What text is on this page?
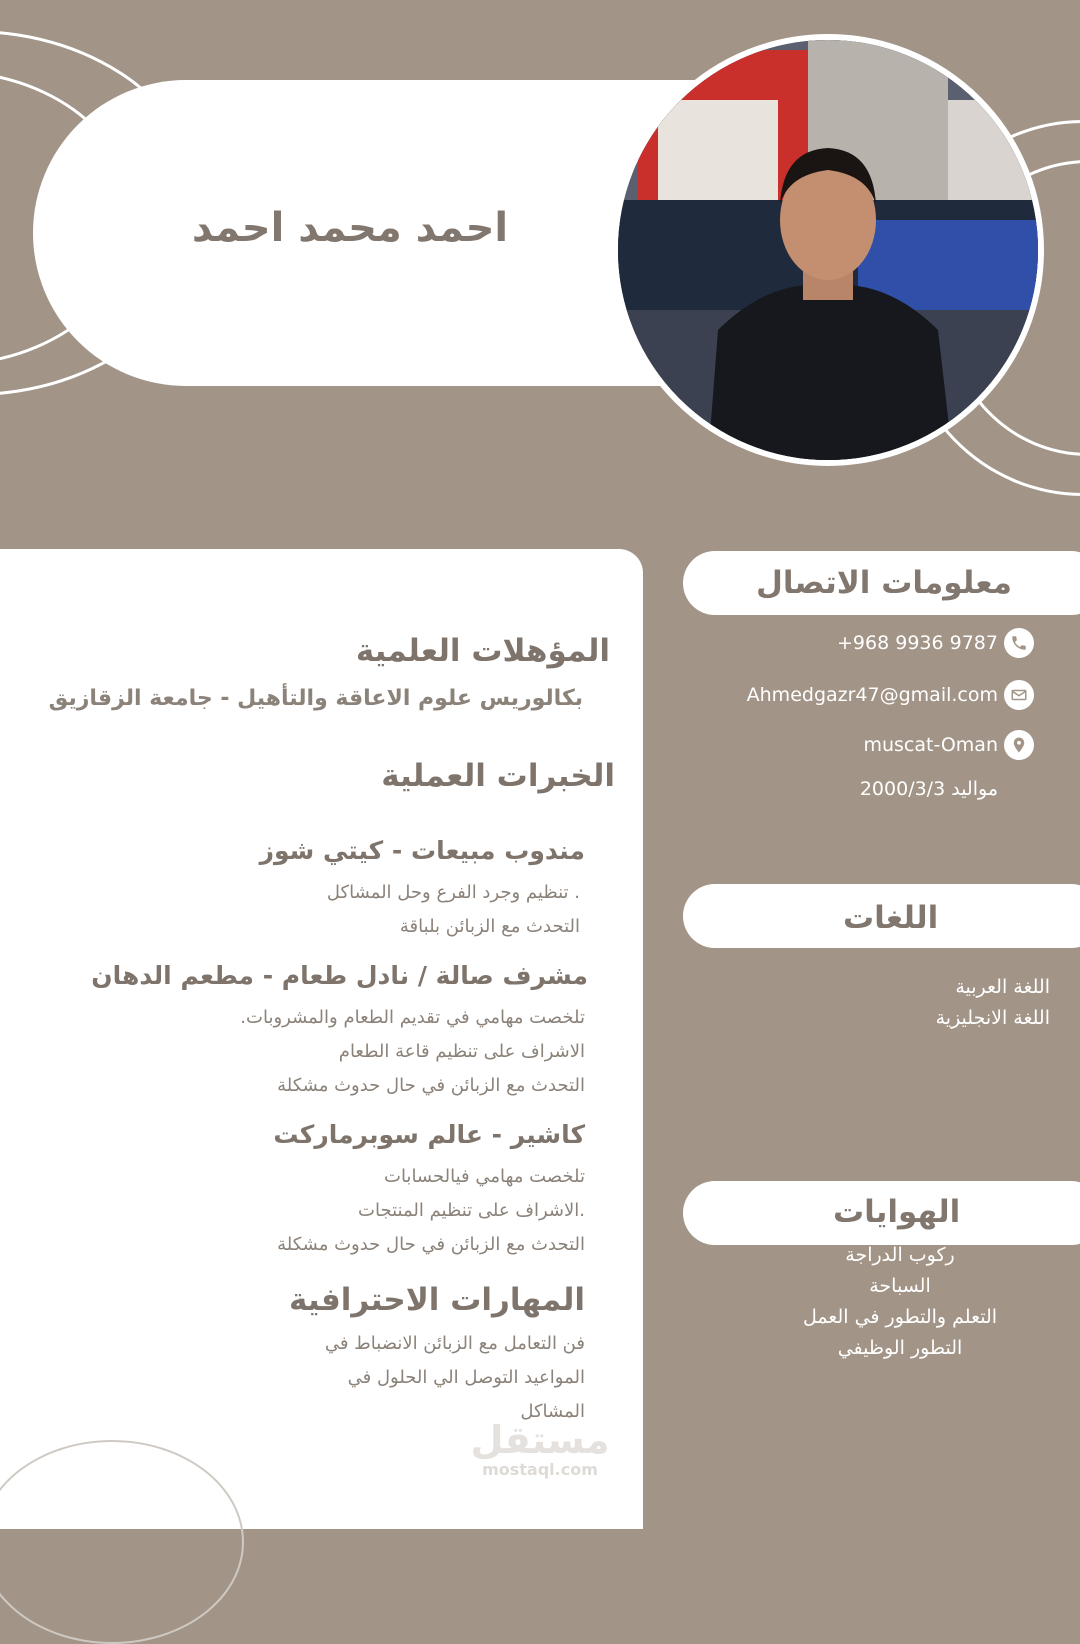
احمد محمد احمد
المؤهلات العلمية
بكالوريس علوم الاعاقة والتأهيل - جامعة الزقازيق
الخبرات العملية
مندوب مبيعات - كيتي شوز
. تنظيم وجرد الفرع وحل المشاكل
التحدث مع الزبائن بلباقة
مشرف صالة / نادل طعام - مطعم الدهان
تلخصت مهامي في تقديم الطعام والمشروبات.
الاشراف على تنظيم قاعة الطعام
التحدث مع الزبائن في حال حدوث مشكلة
كاشير - عالم سوبرماركت
تلخصت مهامي فيالحسابات
.الاشراف على تنظيم المنتجات
التحدث مع الزبائن في حال حدوث مشكلة
المهارات الاحترافية
فن التعامل مع الزبائن الانضباط في
المواعيد التوصل الي الحلول في
المشاكل
مستقل
mostaql.com
معلومات الاتصال
+968 9936 9787
Ahmedgazr47@gmail.com
muscat-Oman
مواليد 2000/3/3
اللغات
اللغة العربية
اللغة الانجليزية
الهوايات
ركوب الدراجة
السباحة
التعلم والتطور في العمل
التطور الوظيفي
